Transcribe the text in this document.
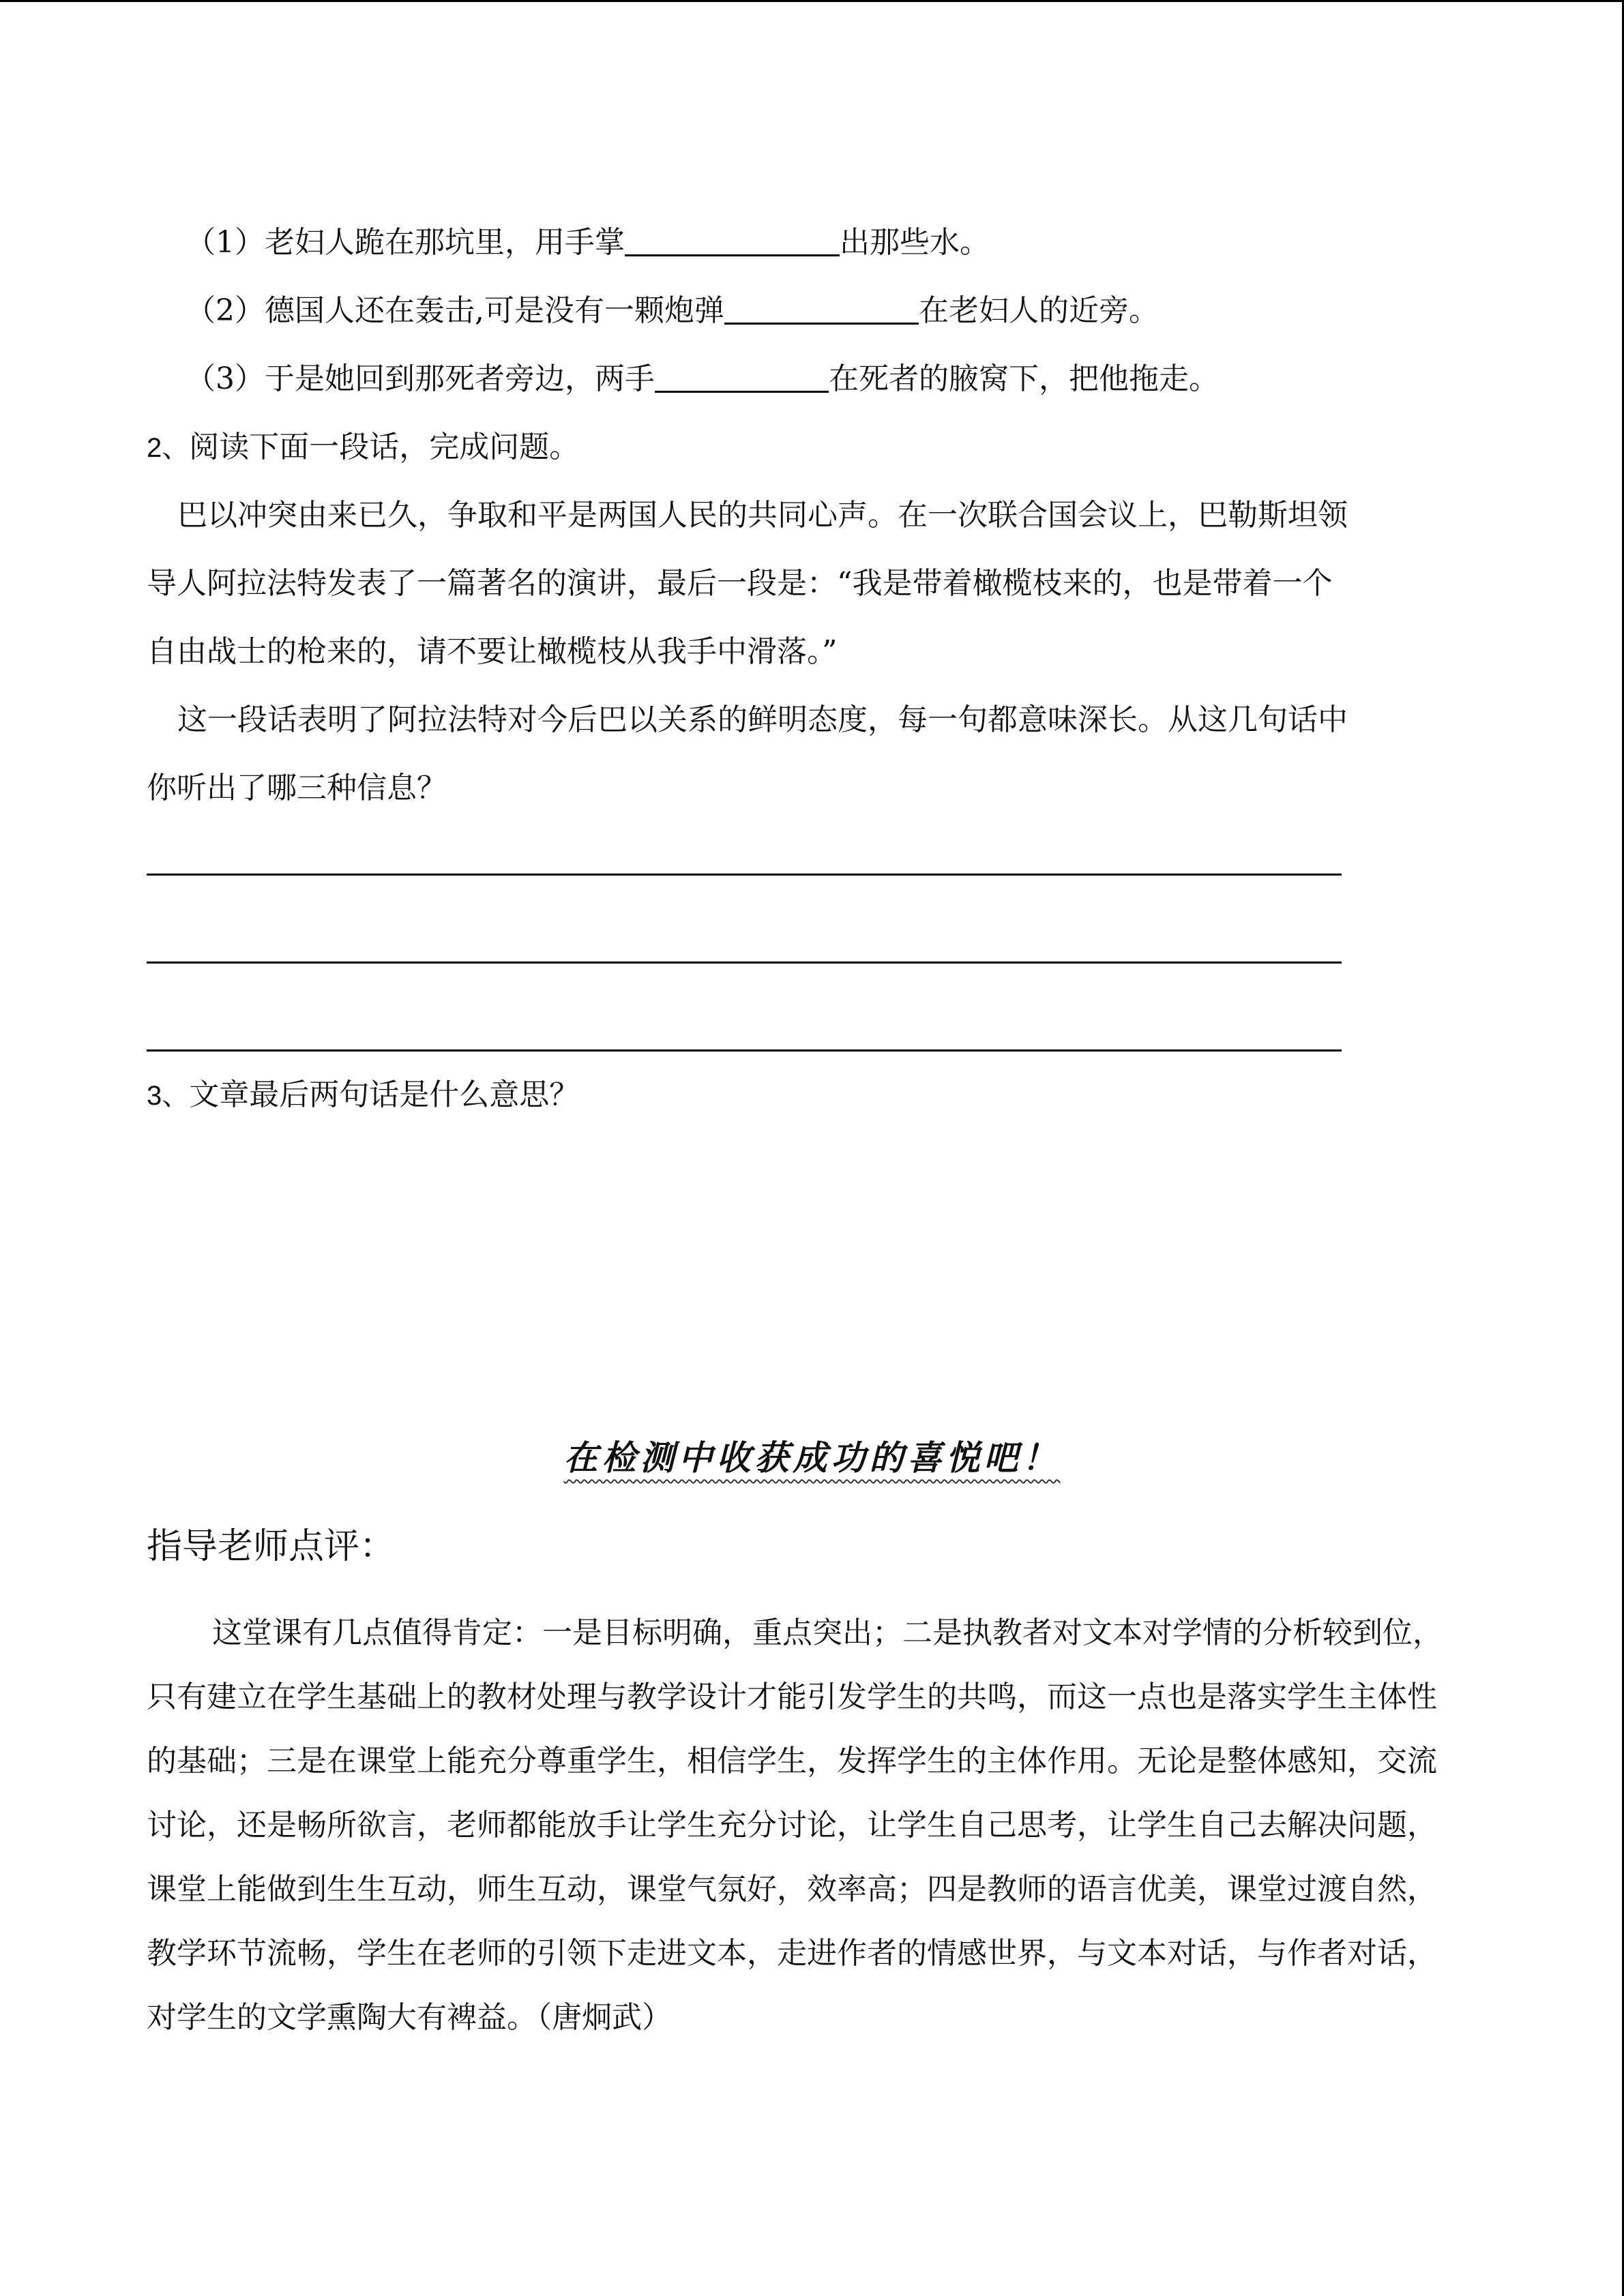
（1）老妇人跪在那坑里，用手掌	出那些水。
（2）德国人还在轰击,可是没有一颗炮弹	在老妇人的近旁。
（3）于是她回到那死者旁边，两手	在死者的腋窝下，把他拖走。
2、阅读下面一段话，完成问题。
巴以冲突由来已久，争取和平是两国人民的共同心声。在一次联合国会议上，巴勒斯坦领
导人阿拉法特发表了一篇著名的演讲，最后一段是：“我是带着橄榄枝来的，也是带着一个
自由战士的枪来的，请不要让橄榄枝从我手中滑落。”
这一段话表明了阿拉法特对今后巴以关系的鲜明态度，每一句都意味深长。从这几句话中
你听出了哪三种信息？
3、文章最后两句话是什么意思？
在检测中收获成功的喜悦吧！
指导老师点评：

这堂课有几点值得肯定：一是目标明确，重点突出；二是执教者对文本对学情的分析较到位，只有建立在学生基础上的教材处理与教学设计才能引发学生的共鸣，而这一点也是落实学生主体性的基础；三是在课堂上能充分尊重学生，相信学生，发挥学生的主体作用。无论是整体感知，交流讨论，还是畅所欲言，老师都能放手让学生充分讨论，让学生自己思考，让学生自己去解决问题，课堂上能做到生生互动，师生互动，课堂气氛好，效率高；四是教师的语言优美，课堂过渡自然，教学环节流畅，学生在老师的引领下走进文本，走进作者的情感世界，与文本对话，与作者对话，对学生的文学熏陶大有裨益。（唐炯武）
